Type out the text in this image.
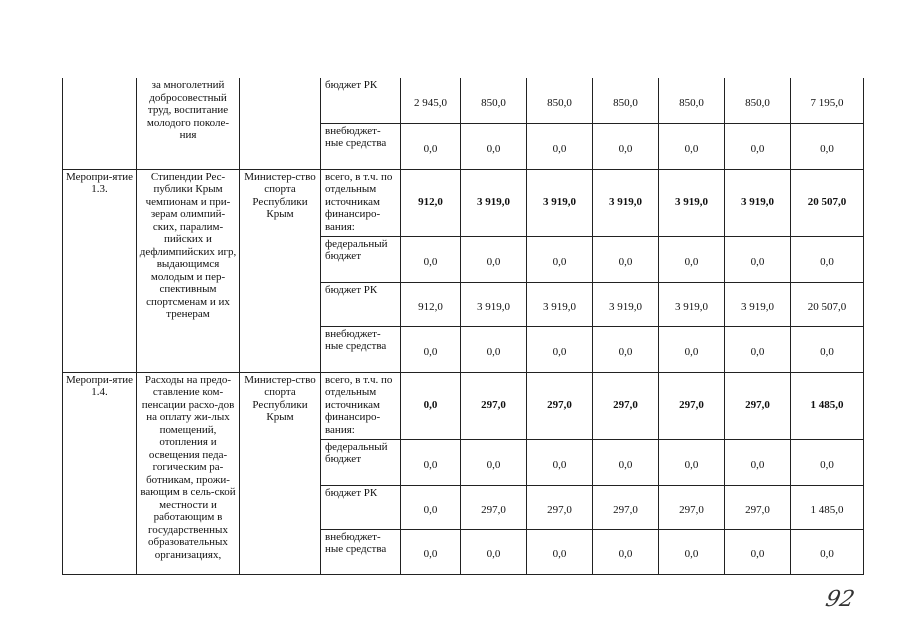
	за многолетний добросовестный труд, воспитание молодого поколе-ния		бюджет РК	2 945,0	850,0	850,0	850,0	850,0	850,0	7 195,0
			внебюджет-ные средства	0,0	0,0	0,0	0,0	0,0	0,0	0,0
Меропри-ятие 1.3.	Стипендии Рес-публики Крым чемпионам и при-зерам олимпий-ских, паралим-пийских и дефлимпийских игр, выдающимся молодым и пер-спективным спортсменам и их тренерам	Министер-ство спорта Республики Крым	всего, в т.ч. по отдельным источникам финансиро-вания:	912,0	3 919,0	3 919,0	3 919,0	3 919,0	3 919,0	20 507,0
			федеральный бюджет	0,0	0,0	0,0	0,0	0,0	0,0	0,0
			бюджет РК	912,0	3 919,0	3 919,0	3 919,0	3 919,0	3 919,0	20 507,0
			внебюджет-ные средства	0,0	0,0	0,0	0,0	0,0	0,0	0,0
Меропри-ятие 1.4.	Расходы на предо-ставление ком-пенсации расхо-дов на оплату жи-лых помещений, отопления и освещения педа-гогическим ра-ботникам, прожи-вающим в сель-ской местности и работающим в государственных образовательных организациях,	Министер-ство спорта Республики Крым	всего, в т.ч. по отдельным источникам финансиро-вания:	0,0	297,0	297,0	297,0	297,0	297,0	1 485,0
			федеральный бюджет	0,0	0,0	0,0	0,0	0,0	0,0	0,0
			бюджет РК	0,0	297,0	297,0	297,0	297,0	297,0	1 485,0
			внебюджет-ные средства	0,0	0,0	0,0	0,0	0,0	0,0	0,0
92
